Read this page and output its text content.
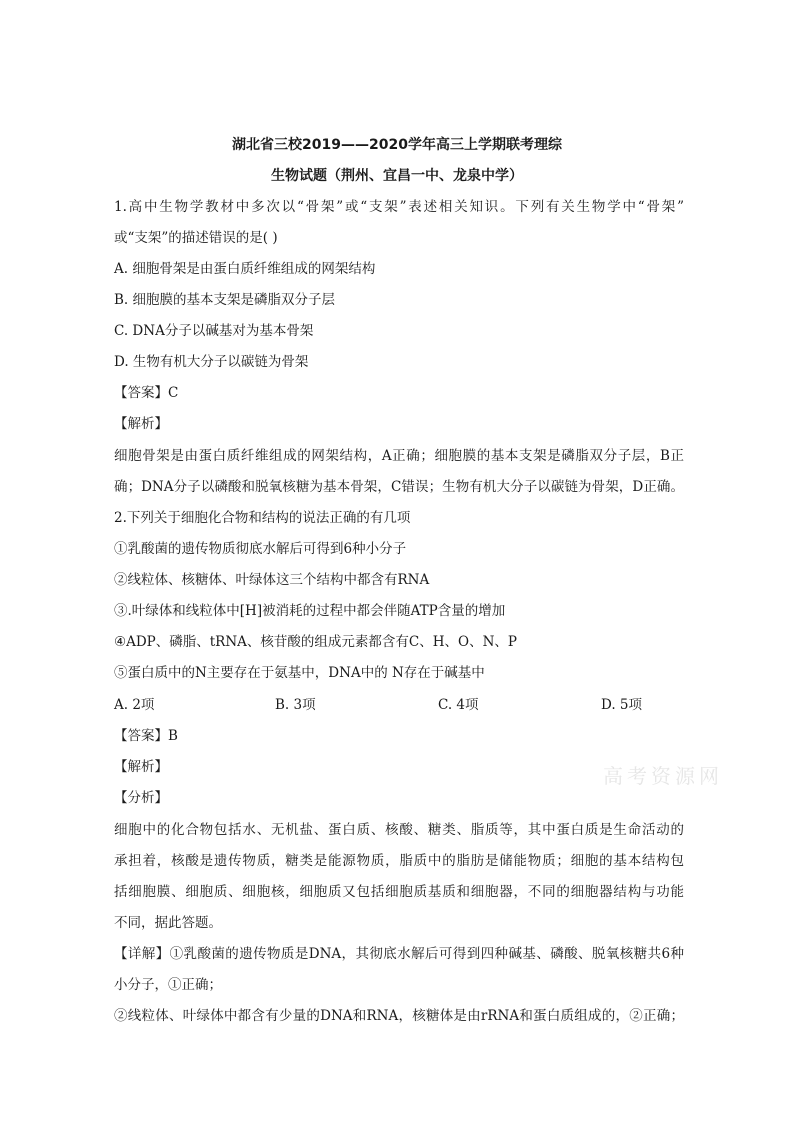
湖北省三校2019——2020学年高三上学期联考理综
生物试题（荆州、宜昌一中、龙泉中学）
1.高中生物学教材中多次以“骨架”或“支架”表述相关知识。下列有关生物学中“骨架”
或“支架”的描述错误的是( )
A. 细胞骨架是由蛋白质纤维组成的网架结构
B. 细胞膜的基本支架是磷脂双分子层
C. DNA分子以碱基对为基本骨架
D. 生物有机大分子以碳链为骨架
【答案】C
【解析】
细胞骨架是由蛋白质纤维组成的网架结构，A正确；细胞膜的基本支架是磷脂双分子层，B正
确；DNA分子以磷酸和脱氧核糖为基本骨架，C错误；生物有机大分子以碳链为骨架，D正确。
2.下列关于细胞化合物和结构的说法正确的有几项
①乳酸菌的遗传物质彻底水解后可得到6种小分子
②线粒体、核糖体、叶绿体这三个结构中都含有RNA
③.叶绿体和线粒体中[H]被消耗的过程中都会伴随ATP含量的增加
④ADP、磷脂、tRNA、核苷酸的组成元素都含有C、H、O、N、P
⑤蛋白质中的N主要存在于氨基中，DNA中的 N存在于碱基中
A. 2项	B. 3项	C. 4项	D. 5项
【答案】B
【解析】
【分析】
细胞中的化合物包括水、无机盐、蛋白质、核酸、糖类、脂质等，其中蛋白质是生命活动的
承担着，核酸是遗传物质，糖类是能源物质，脂质中的脂肪是储能物质；细胞的基本结构包
括细胞膜、细胞质、细胞核，细胞质又包括细胞质基质和细胞器，不同的细胞器结构与功能
不同，据此答题。
【详解】①乳酸菌的遗传物质是DNA，其彻底水解后可得到四种碱基、磷酸、脱氧核糖共6种
小分子，①正确；
②线粒体、叶绿体中都含有少量的DNA和RNA，核糖体是由rRNA和蛋白质组成的，②正确；
高考资源网
